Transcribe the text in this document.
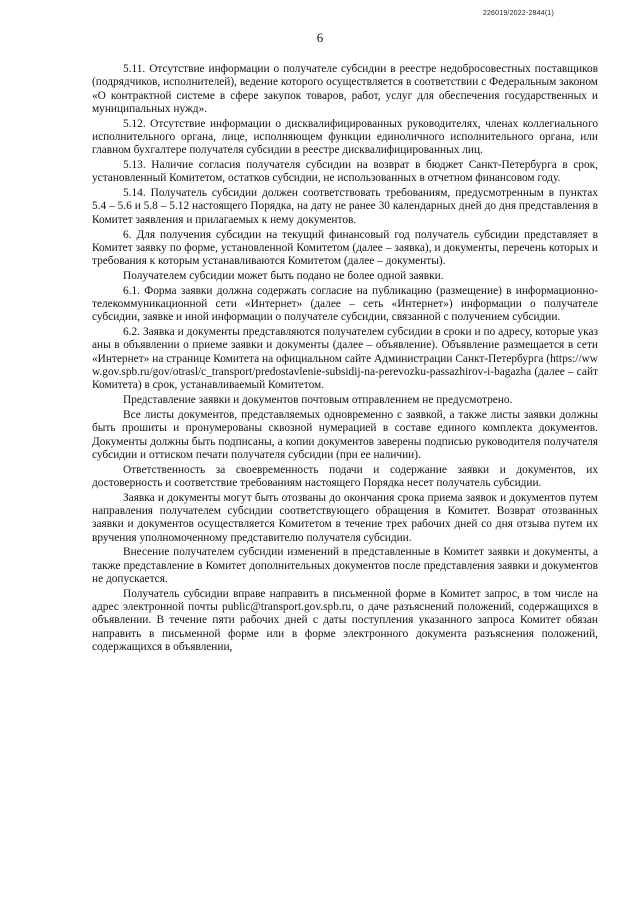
226019/2022-2844(1)
6

5.11. Отсутствие информации о получателе субсидии в реестре недобросовестных поставщиков (подрядчиков, исполнителей), ведение которого осуществляется в соответствии с Федеральным законом «О контрактной системе в сфере закупок товаров, работ, услуг для обеспечения государственных и муниципальных нужд».

5.12. Отсутствие информации о дисквалифицированных руководителях, членах коллегиального исполнительного органа, лице, исполняющем функции единоличного исполнительного органа, или главном бухгалтере получателя субсидии в реестре дисквалифицированных лиц.

5.13. Наличие согласия получателя субсидии на возврат в бюджет Санкт-Петербурга в срок, установленный Комитетом, остатков субсидии, не использованных в отчетном финансовом году.

5.14. Получатель субсидии должен соответствовать требованиям, предусмотренным в пунктах 5.4 – 5.6 и 5.8 – 5.12 настоящего Порядка, на дату не ранее 30 календарных дней до дня представления в Комитет заявления и прилагаемых к нему документов.

6. Для получения субсидии на текущий финансовый год получатель субсидии представляет в Комитет заявку по форме, установленной Комитетом (далее – заявка), и документы, перечень которых и требования к которым устанавливаются Комитетом (далее – документы).

Получателем субсидии может быть подано не более одной заявки.

6.1. Форма заявки должна содержать согласие на публикацию (размещение) в информационно-телекоммуникационной сети «Интернет» (далее – сеть «Интернет») информации о получателе субсидии, заявке и иной информации о получателе субсидии, связанной с получением субсидии.

6.2. Заявка и документы представляются получателем субсидии в сроки и по адресу, которые указаны в объявлении о приеме заявки и документы (далее – объявление). Объявление размещается в сети «Интернет» на странице Комитета на официальном сайте Администрации Санкт-Петербурга (https://www.gov.spb.ru/gov/otrasl/c_transport/predostavlenie-subsidij-na-perevozku-passazhirov-i-bagazha (далее – сайт Комитета) в срок, устанавливаемый Комитетом.

Представление заявки и документов почтовым отправлением не предусмотрено.

Все листы документов, представляемых одновременно с заявкой, а также листы заявки должны быть прошиты и пронумерованы сквозной нумерацией в составе единого комплекта документов. Документы должны быть подписаны, а копии документов заверены подписью руководителя получателя субсидии и оттиском печати получателя субсидии (при ее наличии).

Ответственность за своевременность подачи и содержание заявки и документов, их достоверность и соответствие требованиям настоящего Порядка несет получатель субсидии.

Заявка и документы могут быть отозваны до окончания срока приема заявок и документов путем направления получателем субсидии соответствующего обращения в Комитет. Возврат отозванных заявки и документов осуществляется Комитетом в течение трех рабочих дней со дня отзыва путем их вручения уполномоченному представителю получателя субсидии.

Внесение получателем субсидии изменений в представленные в Комитет заявки и документы, а также представление в Комитет дополнительных документов после представления заявки и документов не допускается.

Получатель субсидии вправе направить в письменной форме в Комитет запрос, в том числе на адрес электронной почты public@transport.gov.spb.ru, о даче разъяснений положений, содержащихся в объявлении. В течение пяти рабочих дней с даты поступления указанного запроса Комитет обязан направить в письменной форме или в форме электронного документа разъяснения положений, содержащихся в объявлении,
